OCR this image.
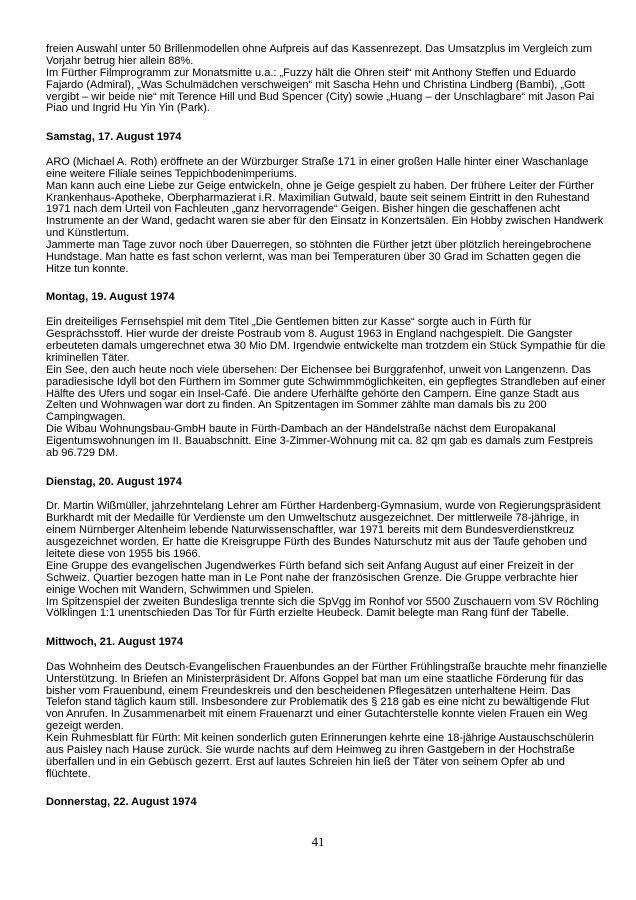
freien Auswahl unter 50 Brillenmodellen ohne Aufpreis auf das Kassenrezept. Das Umsatzplus im Vergleich zum
Vorjahr betrug hier allein 88%.
Im Fürther Filmprogramm zur Monatsmitte u.a.: „Fuzzy hält die Ohren steif“ mit Anthony Steffen und Eduardo
Fajardo (Admiral), „Was Schulmädchen verschweigen“ mit Sascha Hehn und Christina Lindberg (Bambi), „Gott
vergibt – wir beide nie“ mit Terence Hill und Bud Spencer (City) sowie „Huang – der Unschlagbare“ mit Jason Pai
Piao und Ingrid Hu Yin Yin (Park).
Samstag, 17. August 1974
ARO (Michael A. Roth) eröffnete an der Würzburger Straße 171 in einer großen Halle hinter einer Waschanlage
eine weitere Filiale seines Teppichbodenimperiums.
Man kann auch eine Liebe zur Geige entwickeln, ohne je Geige gespielt zu haben. Der frühere Leiter der Fürther
Krankenhaus-Apotheke, Oberpharmazierat i.R. Maximilian Gutwald, baute seit seinem Eintritt in den Ruhestand
1971 nach dem Urteil von Fachleuten „ganz hervorragende“ Geigen. Bisher hingen die geschaffenen acht
Instrumente an der Wand, gedacht waren sie aber für den Einsatz in Konzertsälen. Ein Hobby zwischen Handwerk
und Künstlertum.
Jammerte man Tage zuvor noch über Dauerregen, so stöhnten die Fürther jetzt über plötzlich hereingebrochene
Hundstage. Man hatte es fast schon verlernt, was man bei Temperaturen über 30 Grad im Schatten gegen die
Hitze tun konnte.
Montag, 19. August 1974
Ein dreiteiliges Fernsehspiel mit dem Titel „Die Gentlemen bitten zur Kasse“ sorgte auch in Fürth für
Gesprächsstoff. Hier wurde der dreiste Postraub vom 8. August 1963 in England nachgespielt. Die Gangster
erbeuteten damals umgerechnet etwa 30 Mio DM. Irgendwie entwickelte man trotzdem ein Stück Sympathie für die
kriminellen Täter.
Ein See, den auch heute noch viele übersehen: Der Eichensee bei Burggrafenhof, unweit von Langenzenn. Das
paradiesische Idyll bot den Fürthern im Sommer gute Schwimmmöglichkeiten, ein gepflegtes Strandleben auf einer
Hälfte des Ufers und sogar ein Insel-Café. Die andere Uferhälfte gehörte den Campern. Eine ganze Stadt aus
Zelten und Wohnwagen war dort zu finden. An Spitzentagen im Sommer zählte man damals bis zu 200
Campingwagen.
Die Wibau Wohnungsbau-GmbH baute in Fürth-Dambach an der Händelstraße nächst dem Europakanal
Eigentumswohnungen im II. Bauabschnitt. Eine 3-Zimmer-Wohnung mit ca. 82 qm gab es damals zum Festpreis
ab 96.729 DM.
Dienstag, 20. August 1974
Dr. Martin Wißmüller, jahrzehntelang Lehrer am Fürther Hardenberg-Gymnasium, wurde von Regierungspräsident
Burkhardt mit der Medaille für Verdienste um den Umweltschutz ausgezeichnet. Der mittlerweile 78-jährige, in
einem Nürnberger Altenheim lebende Naturwissenschaftler, war 1971 bereits mit dem Bundesverdienstkreuz
ausgezeichnet worden. Er hatte die Kreisgruppe Fürth des Bundes Naturschutz mit aus der Taufe gehoben und
leitete diese von 1955 bis 1966.
Eine Gruppe des evangelischen Jugendwerkes Fürth befand sich seit Anfang August auf einer Freizeit in der
Schweiz. Quartier bezogen hatte man in Le Pont nahe der französischen Grenze. Die Gruppe verbrachte hier
einige Wochen mit Wandern, Schwimmen und Spielen.
Im Spitzenspiel der zweiten Bundesliga trennte sich die SpVgg im Ronhof vor 5500 Zuschauern vom SV Röchling
Völklingen 1:1 unentschieden Das Tor für Fürth erzielte Heubeck. Damit belegte man Rang fünf der Tabelle.
Mittwoch, 21. August 1974
Das Wohnheim des Deutsch-Evangelischen Frauenbundes an der Fürther Frühlingstraße brauchte mehr finanzielle
Unterstützung. In Briefen an Ministerpräsident Dr. Alfons Goppel bat man um eine staatliche Förderung für das
bisher vom Frauenbund, einem Freundeskreis und den bescheidenen Pflegesätzen unterhaltene Heim. Das
Telefon stand täglich kaum still. Insbesondere zur Problematik des § 218 gab es eine nicht zu bewältigende Flut
von Anrufen. In Zusammenarbeit mit einem Frauenarzt und einer Gutachterstelle konnte vielen Frauen ein Weg
gezeigt werden.
Kein Ruhmesblatt für Fürth: Mit keinen sonderlich guten Erinnerungen kehrte eine 18-jährige Austauschschülerin
aus Paisley nach Hause zurück. Sie wurde nachts auf dem Heimweg zu ihren Gastgebern in der Hochstraße
überfallen und in ein Gebüsch gezerrt. Erst auf lautes Schreien hin ließ der Täter von seinem Opfer ab und
flüchtete.
Donnerstag, 22. August 1974
41
